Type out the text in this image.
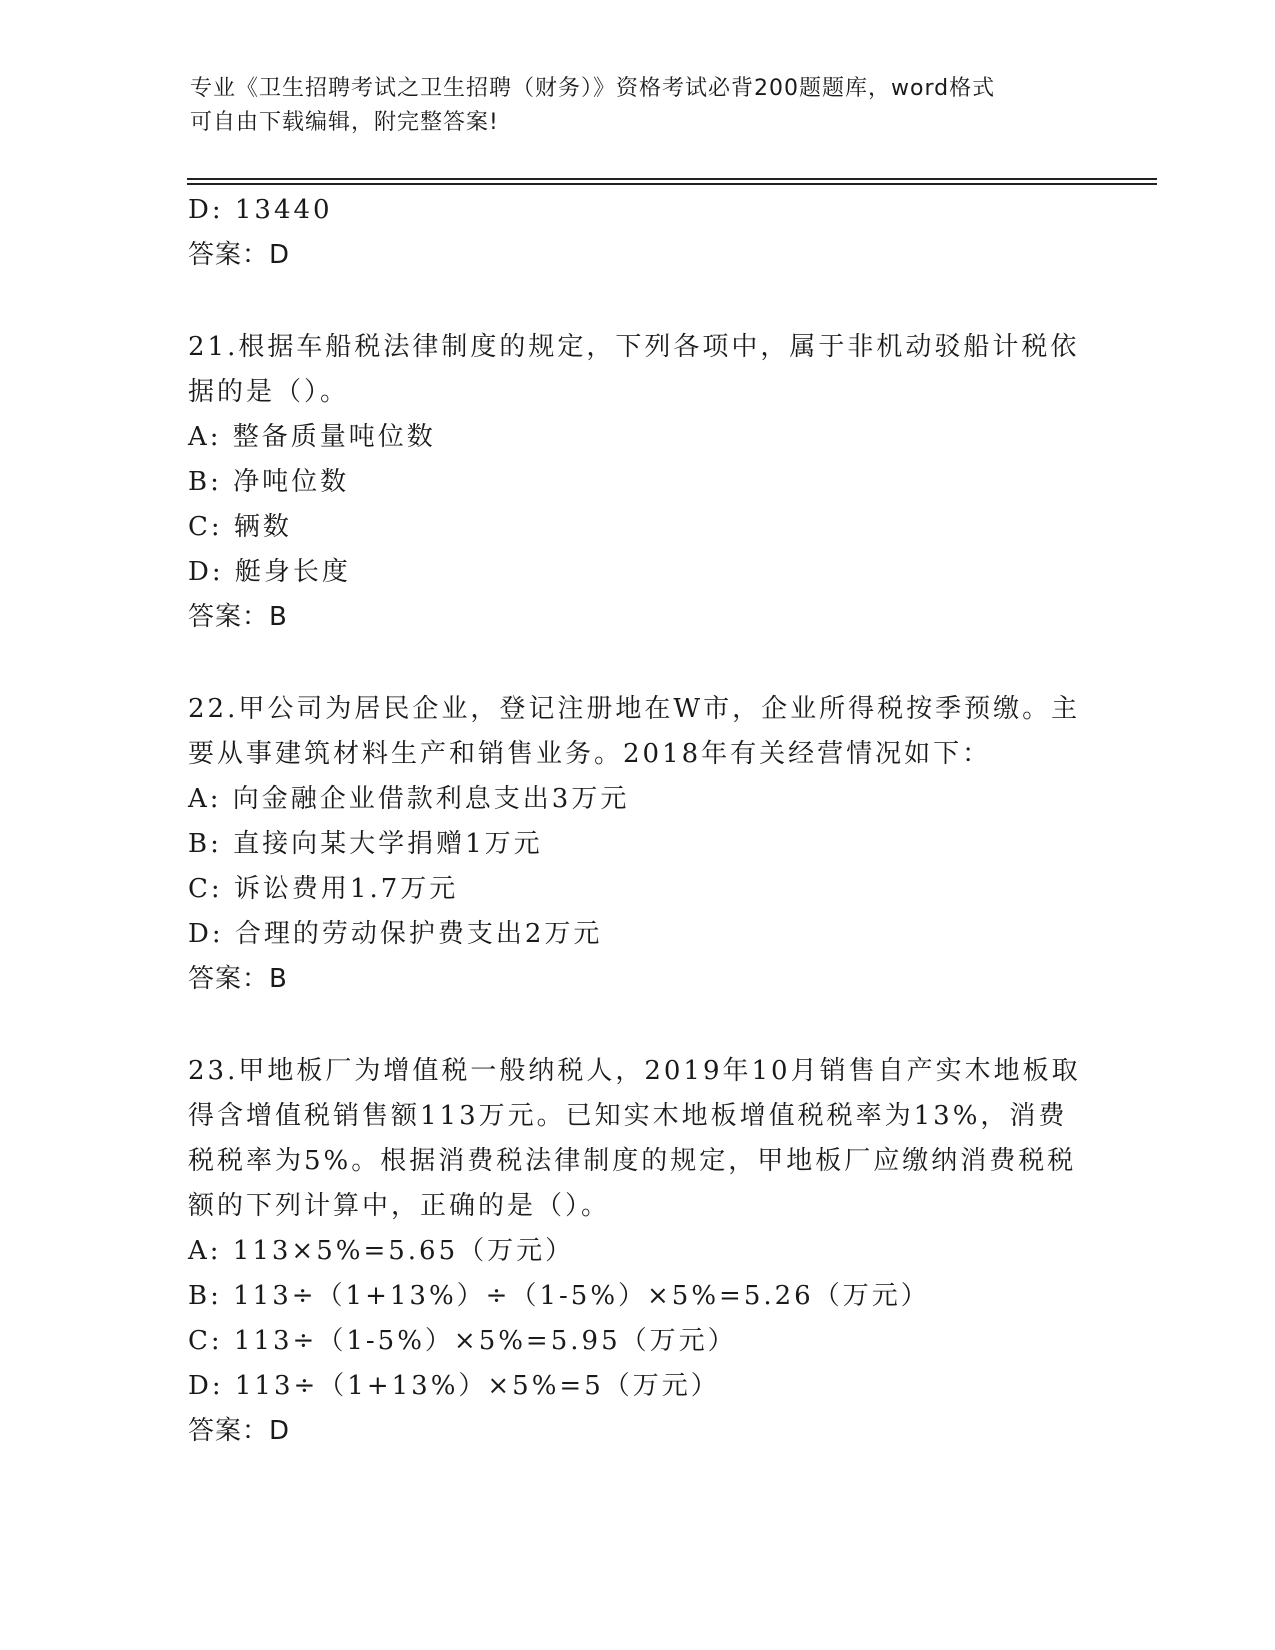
专业《卫生招聘考试之卫生招聘（财务）》资格考试必背200题题库，word格式
可自由下载编辑，附完整答案!
D: 13440
答案：D
21.根据车船税法律制度的规定，下列各项中，属于非机动驳船计税依
据的是（）。
A: 整备质量吨位数
B: 净吨位数
C: 辆数
D: 艇身长度
答案：B
22.甲公司为居民企业，登记注册地在W市，企业所得税按季预缴。主
要从事建筑材料生产和销售业务。2018年有关经营情况如下：
A: 向金融企业借款利息支出3万元
B: 直接向某大学捐赠1万元
C: 诉讼费用1.7万元
D: 合理的劳动保护费支出2万元
答案：B
23.甲地板厂为增值税一般纳税人，2019年10月销售自产实木地板取
得含增值税销售额113万元。已知实木地板增值税税率为13%，消费
税税率为5%。根据消费税法律制度的规定，甲地板厂应缴纳消费税税
额的下列计算中，正确的是（）。
A: 113×5%=5.65（万元）
B: 113÷（1+13%）÷（1-5%）×5%=5.26（万元）
C: 113÷（1-5%）×5%=5.95（万元）
D: 113÷（1+13%）×5%=5（万元）
答案：D
